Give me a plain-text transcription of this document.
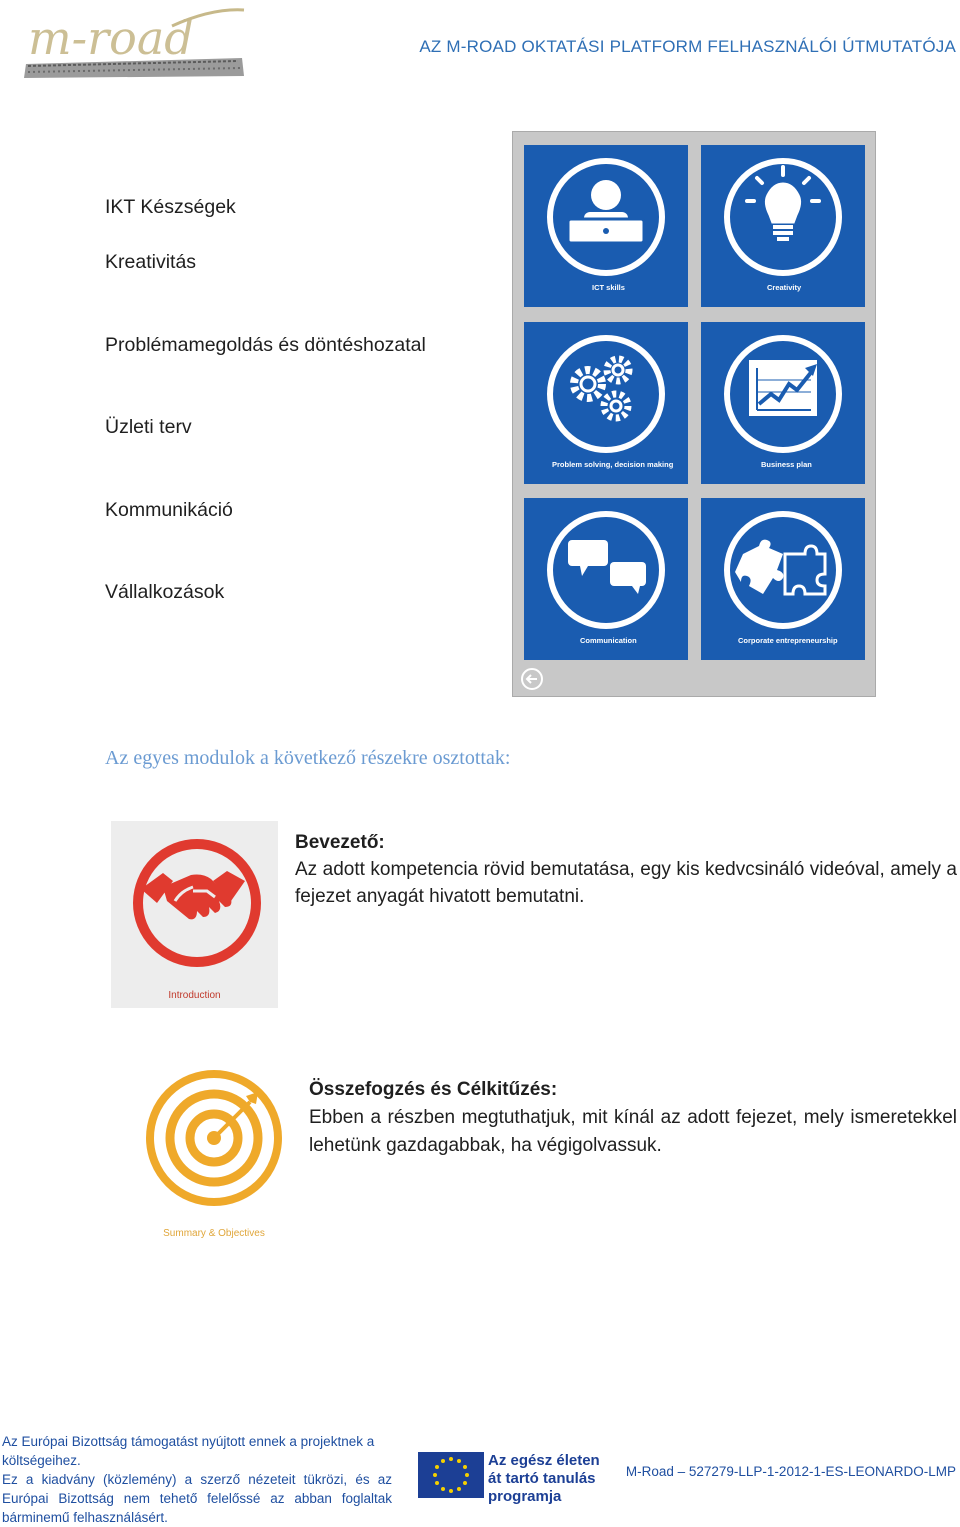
m-road	AZ M-ROAD OKTATÁSI PLATFORM FELHASZNÁLÓI ÚTMUTATÓJA
IKT Készségek
Kreativitás
Problémamegoldás és döntéshozatal
Üzleti terv
Kommunikáció
Vállalkozások
ICT skills	Creativity
Problem solving, decision making	Business plan
Communication	Corporate entrepreneurship
Az egyes modulok a következő részekre osztottak:
Introduction
Bevezető:
Az adott kompetencia rövid bemutatása, egy kis kedvcsináló videóval, amely a fejezet anyagát hivatott bemutatni.
Summary & Objectives
Összefogzés és Célkitűzés:
Ebben a részben megtuthatjuk, mit kínál az adott fejezet, mely ismeretekkel lehetünk gazdagabbak, ha végigolvassuk.

Az Európai Bizottság támogatást nyújtott ennek a projektnek a

költségeihez.

Ez a kiadvány (közlemény) a szerző nézeteit tükrözi, és az

Európai Bizottság nem tehető felelőssé az abban foglaltak

bárminemű felhasználásért.

Az egész életen
át tartó tanulás
programja
M-Road – 527279-LLP-1-2012-1-ES-LEONARDO-LMP
